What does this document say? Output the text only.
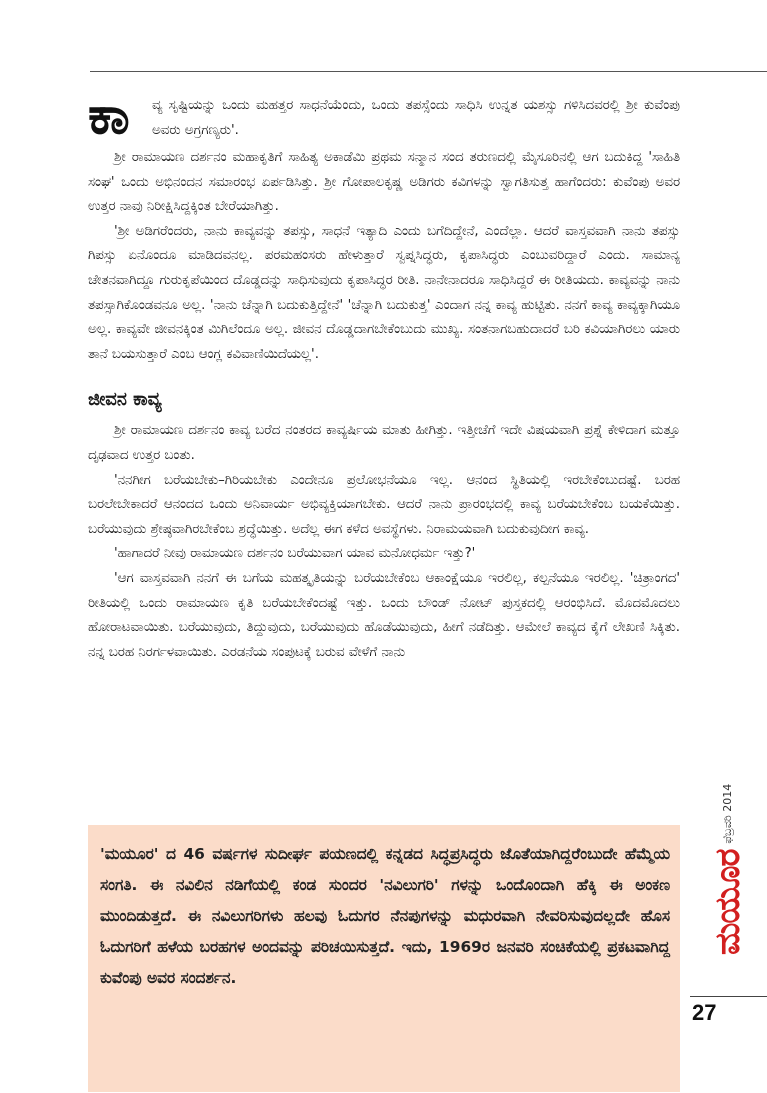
ಕಾ ವ್ಯ ಸೃಷ್ಟಿಯನ್ನು ಒಂದು ಮಹತ್ತರ ಸಾಧನೆಯೆಂದು, ಒಂದು ತಪಸ್ಸೆಂದು ಸಾಧಿಸಿ ಉನ್ನತ ಯಶಸ್ಸು ಗಳಿಸಿದವರಲ್ಲಿ ಶ್ರೀ ಕುವೆಂಪು ಅವರು ಅಗ್ರಗಣ್ಯರು'.

ಶ್ರೀ ರಾಮಾಯಣ ದರ್ಶನಂ ಮಹಾಕೃತಿಗೆ ಸಾಹಿತ್ಯ ಅಕಾಡೆಮಿ ಪ್ರಥಮ ಸನ್ಮಾನ ಸಂದ ತರುಣದಲ್ಲಿ ಮೈಸೂರಿನಲ್ಲಿ ಆಗ ಬದುಕಿದ್ದ 'ಸಾಹಿತಿ ಸಂಘ' ಒಂದು ಅಭಿನಂದನ ಸಮಾರಂಭ ಏರ್ಪಡಿಸಿತ್ತು. ಶ್ರೀ ಗೋಪಾಲಕೃಷ್ಣ ಅಡಿಗರು ಕವಿಗಳನ್ನು ಸ್ವಾಗತಿಸುತ್ತ ಹಾಗೆಂದರು: ಕುವೆಂಪು ಅವರ ಉತ್ತರ ನಾವು ನಿರೀಕ್ಷಿಸಿದ್ದಕ್ಕಿಂತ ಬೇರೆಯಾಗಿತ್ತು.

'ಶ್ರೀ ಅಡಿಗರೆಂದರು, ನಾನು ಕಾವ್ಯವನ್ನು ತಪಸ್ಸು, ಸಾಧನೆ ಇತ್ಯಾದಿ ಎಂದು ಬಗೆದಿದ್ದೇನೆ, ಎಂದೆಲ್ಲಾ. ಆದರೆ ವಾಸ್ತವವಾಗಿ ನಾನು ತಪಸ್ಸು ಗಿಪಸ್ಸು ಏನೊಂದೂ ಮಾಡಿದವನಲ್ಲ. ಪರಮಹಂಸರು ಹೇಳುತ್ತಾರೆ ಸ್ವಪ್ನಸಿದ್ಧರು, ಕೃಪಾಸಿದ್ಧರು ಎಂಬುವರಿದ್ದಾರೆ ಎಂದು. ಸಾಮಾನ್ಯ ಚೇತನವಾಗಿದ್ದೂ ಗುರುಕೃಪೆಯಿಂದ ದೊಡ್ಡದನ್ನು ಸಾಧಿಸುವುದು ಕೃಪಾಸಿದ್ಧರ ರೀತಿ. ನಾನೇನಾದರೂ ಸಾಧಿಸಿದ್ದರೆ ಈ ರೀತಿಯದು. ಕಾವ್ಯವನ್ನು ನಾನು ತಪಸ್ಸಾಗಿಕೊಂಡವನೂ ಅಲ್ಲ. 'ನಾನು ಚೆನ್ನಾಗಿ ಬದುಕುತ್ತಿದ್ದೇನೆ' 'ಚೆನ್ನಾಗಿ ಬದುಕುತ್ತ' ಎಂದಾಗ ನನ್ನ ಕಾವ್ಯ ಹುಟ್ಟಿತು. ನನಗೆ ಕಾವ್ಯ ಕಾವ್ಯಕ್ಕಾಗಿಯೂ ಅಲ್ಲ. ಕಾವ್ಯವೇ ಜೀವನಕ್ಕಿಂತ ಮಿಗಿಲೆಂದೂ ಅಲ್ಲ. ಜೀವನ ದೊಡ್ಡದಾಗಬೇಕೆಂಬುದು ಮುಖ್ಯ. ಸಂತನಾಗಬಹುದಾದರೆ ಬರಿ ಕವಿಯಾಗಿರಲು ಯಾರು ತಾನೆ ಬಯಸುತ್ತಾರೆ ಎಂಬ ಆಂಗ್ಲ ಕವಿವಾಣಿಯಿದೆಯಲ್ಲ'.

ಜೀವನ ಕಾವ್ಯ

ಶ್ರೀ ರಾಮಾಯಣ ದರ್ಶನಂ ಕಾವ್ಯ ಬರೆದ ನಂತರದ ಕಾವ್ಯರ್ಷಿಯ ಮಾತು ಹೀಗಿತ್ತು. ಇತ್ತೀಚೆಗೆ ಇದೇ ವಿಷಯವಾಗಿ ಪ್ರಶ್ನೆ ಕೇಳಿದಾಗ ಮತ್ತೂ ದೃಢವಾದ ಉತ್ತರ ಬಂತು.

'ನನಗೀಗ ಬರೆಯಬೇಕು–ಗಿರಿಯಬೇಕು ಎಂದೇನೂ ಪ್ರಲೋಭನೆಯೂ ಇಲ್ಲ. ಆನಂದ ಸ್ಥಿತಿಯಲ್ಲಿ ಇರಬೇಕೆಂಬುದಷ್ಟೆ. ಬರಹ ಬರಲೇಬೇಕಾದರೆ ಆನಂದದ ಒಂದು ಅನಿವಾರ್ಯ ಅಭಿವ್ಯಕ್ತಿಯಾಗಬೇಕು. ಆದರೆ ನಾನು ಪ್ರಾರಂಭದಲ್ಲಿ ಕಾವ್ಯ ಬರೆಯಬೇಕೆಂಬ ಬಯಕೆಯಿತ್ತು. ಬರೆಯುವುದು ಶ್ರೇಷ್ಠವಾಗಿರಬೇಕೆಂಬ ಶ್ರದ್ಧೆಯಿತ್ತು. ಅದೆಲ್ಲ ಈಗ ಕಳೆದ ಅವಸ್ಥೆಗಳು. ನಿರಾಮಯವಾಗಿ ಬದುಕುವುದೀಗ ಕಾವ್ಯ.

'ಹಾಗಾದರೆ ನೀವು ರಾಮಾಯಣ ದರ್ಶನಂ ಬರೆಯುವಾಗ ಯಾವ ಮನೋಧರ್ಮ ಇತ್ತು?'

'ಆಗ ವಾಸ್ತವವಾಗಿ ನನಗೆ ಈ ಬಗೆಯ ಮಹತ್ಕೃತಿಯನ್ನು ಬರೆಯಬೇಕೆಂಬ ಆಕಾಂಕ್ಷೆಯೂ ಇರಲಿಲ್ಲ, ಕಲ್ಪನೆಯೂ ಇರಲಿಲ್ಲ. 'ಚಿತ್ರಾಂಗದ' ರೀತಿಯಲ್ಲಿ ಒಂದು ರಾಮಾಯಣ ಕೃತಿ ಬರೆಯಬೇಕೆಂದಷ್ಟೆ ಇತ್ತು. ಒಂದು ಬೌಂಡ್ ನೋಟ್ ಪುಸ್ತಕದಲ್ಲಿ ಆರಂಭಿಸಿದೆ. ಮೊದಮೊದಲು ಹೋರಾಟವಾಯಿತು. ಬರೆಯುವುದು, ತಿದ್ದುವುದು, ಬರೆಯುವುದು ಹೊಡೆಯುವುದು, ಹೀಗೆ ನಡೆದಿತ್ತು. ಆಮೇಲೆ ಕಾವ್ಯದ ಕೈಗೆ ಲೇಖಣಿ ಸಿಕ್ಕಿತು. ನನ್ನ ಬರಹ ನಿರರ್ಗಳವಾಯಿತು. ಎರಡನೆಯ ಸಂಪುಟಕ್ಕೆ ಬರುವ ವೇಳೆಗೆ ನಾನು

'ಮಯೂರ' ದ 46 ವರ್ಷಗಳ ಸುದೀರ್ಘ ಪಯಣದಲ್ಲಿ ಕನ್ನಡದ ಸಿದ್ಧಪ್ರಸಿದ್ಧರು ಜೊತೆಯಾಗಿದ್ದರೆಂಬುದೇ ಹೆಮ್ಮೆಯ ಸಂಗತಿ. ಈ ನವಿಲಿನ ನಡಿಗೆಯಲ್ಲಿ ಕಂಡ ಸುಂದರ 'ನವಿಲುಗರಿ' ಗಳನ್ನು ಒಂದೊಂದಾಗಿ ಹೆಕ್ಕಿ ಈ ಅಂಕಣ ಮುಂದಿಡುತ್ತದೆ. ಈ ನವಿಲುಗರಿಗಳು ಹಲವು ಓದುಗರ ನೆನಪುಗಳನ್ನು ಮಧುರವಾಗಿ ನೇವರಿಸುವುದಲ್ಲದೇ ಹೊಸ ಓದುಗರಿಗೆ ಹಳೆಯ ಬರಹಗಳ ಅಂದವನ್ನು ಪರಿಚಯಿಸುತ್ತದೆ. ಇದು, 1969ರ ಜನವರಿ ಸಂಚಿಕೆಯಲ್ಲಿ ಪ್ರಕಟವಾಗಿದ್ದ ಕುವೆಂಪು ಅವರ ಸಂದರ್ಶನ.

ಮಯೂರ
ಫೆಬ್ರವರಿ 2014
27
